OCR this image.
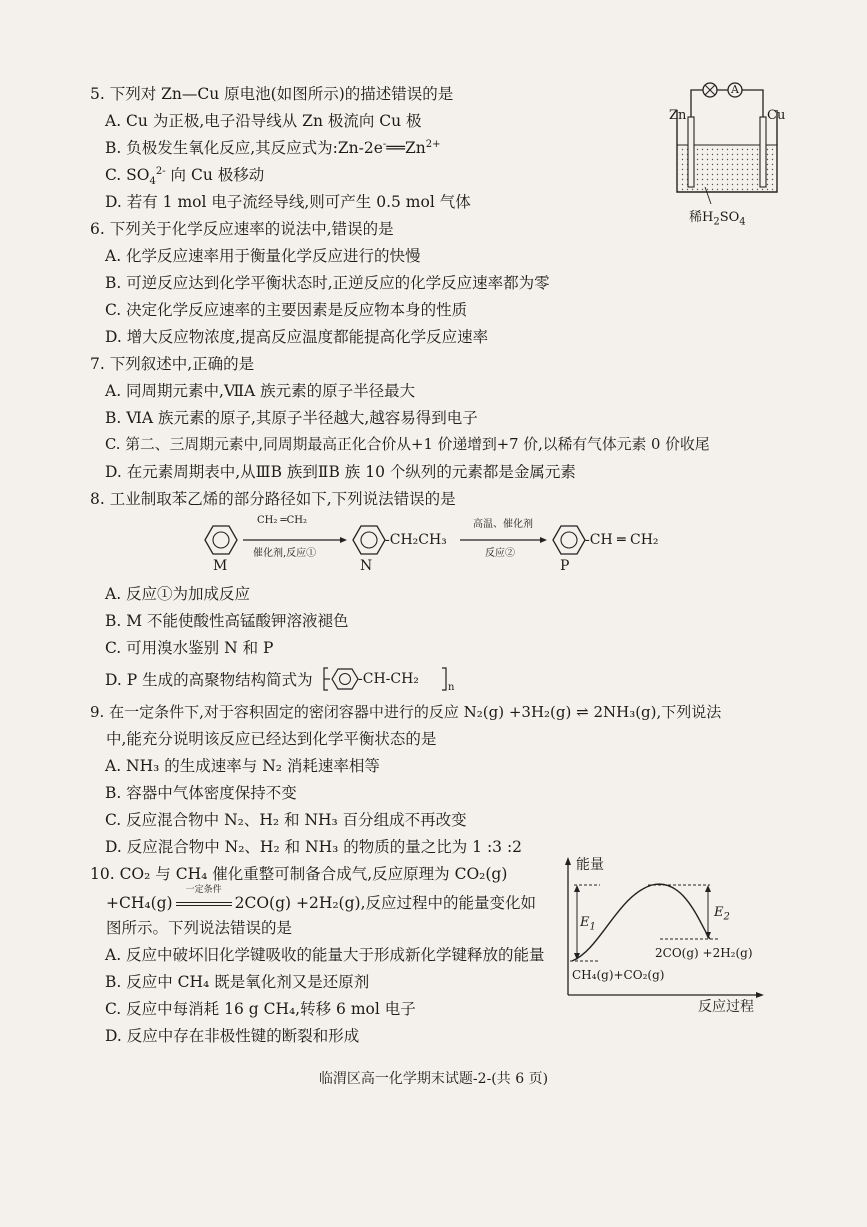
5. 下列对 Zn—Cu 原电池(如图所示)的描述错误的是
A. Cu 为正极,电子沿导线从 Zn 极流向 Cu 极
B. 负极发生氧化反应,其反应式为$:Zn-2e^-══Zn^{2+}$
C. $SO_4^{2-}$ 向 Cu 极移动
D. 若有 1 mol 电子流经导线,则可产生 0.5 mol 气体
A
Zn	Cu
稀$H_2SO_4$
6. 下列关于化学反应速率的说法中,错误的是
A. 化学反应速率用于衡量化学反应进行的快慢
B. 可逆反应达到化学平衡状态时,正逆反应的化学反应速率都为零
C. 决定化学反应速率的主要因素是反应物本身的性质
D. 增大反应物浓度,提高反应温度都能提高化学反应速率
7. 下列叙述中,正确的是
A. 同周期元素中,ⅦA 族元素的原子半径最大
B. ⅥA 族元素的原子,其原子半径越大,越容易得到电子
C. 第二、三周期元素中,同周期最高正化合价从+1 价递增到+7 价,以稀有气体元素 0 价收尾
D. 在元素周期表中,从ⅢB 族到ⅡB 族 10 个纵列的元素都是金属元素
8. 工业制取苯乙烯的部分路径如下,下列说法错误的是
CH₂ ═CH₂
催化剂,反应①
-CH₂CH₃
高温、催化剂
反应②
-CH ═ CH₂
M	N	P
A. 反应①为加成反应
B. M 不能使酸性高锰酸钾溶液褪色
C. 可用溴水鉴别 N 和 P
D. P 生成的高聚物结构简式为	-CH-CH₂
n
9. 在一定条件下,对于容积固定的密闭容器中进行的反应 N₂(g) +3H₂(g) ⇌ 2NH₃(g),下列说法
中,能充分说明该反应已经达到化学平衡状态的是
A. NH₃ 的生成速率与 N₂ 消耗速率相等
B. 容器中气体密度保持不变
C. 反应混合物中 N₂、H₂ 和 NH₃ 百分组成不再改变
D. 反应混合物中 N₂、H₂ 和 NH₃ 的物质的量之比为 1 :3 :2
10. CO₂ 与 CH₄ 催化重整可制备合成气,反应原理为 CO₂(g)
+CH₄(g)
一定条件
2CO(g) +2H₂(g),反应过程中的能量变化如
图所示。下列说法错误的是
A. 反应中破坏旧化学键吸收的能量大于形成新化学键释放的能量
B. 反应中 CH₄ 既是氧化剂又是还原剂
C. 反应中每消耗 16 g CH₄,转移 6 mol 电子
D. 反应中存在非极性键的断裂和形成
能量
$E_1$
$E_2$
2CO(g) +2H₂(g)
CH₄(g)+CO₂(g)
反应过程
临渭区高一化学期末试题-2-(共 6 页)
